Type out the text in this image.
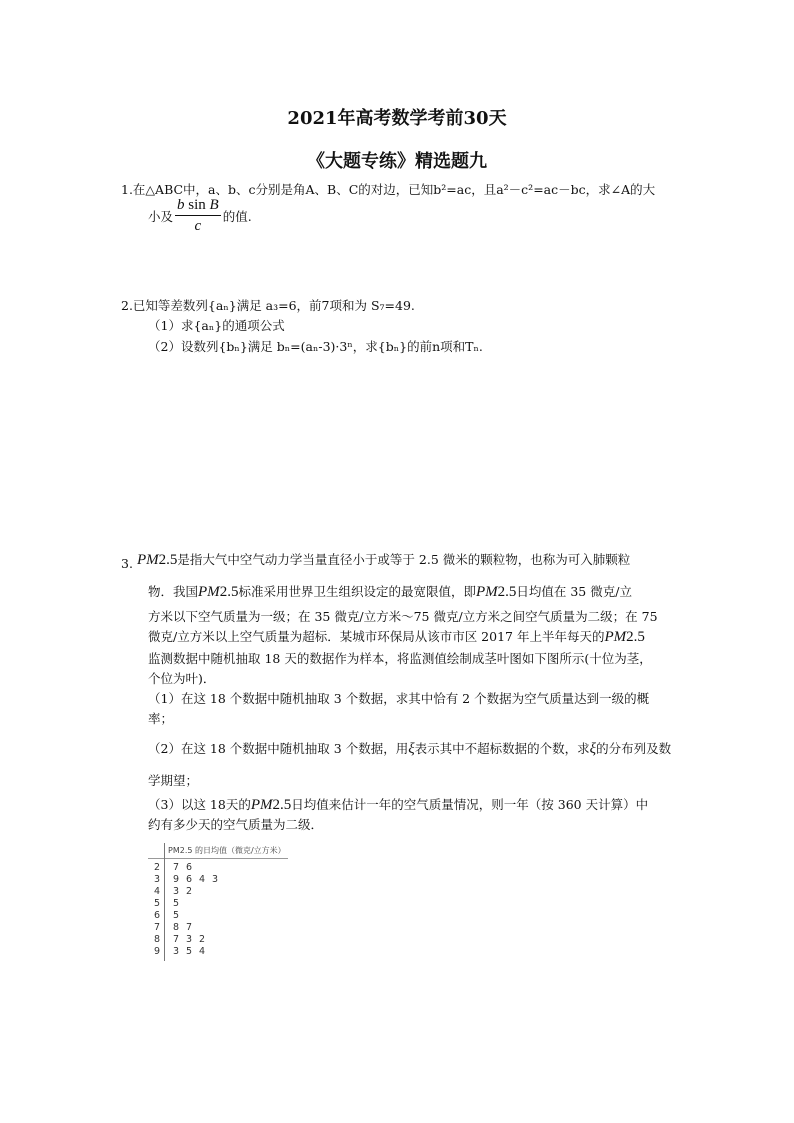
2021年高考数学考前30天
《大题专练》精选题九
1.在△ABC中，a、b、c分别是角A、B、C的对边，已知b²=ac，且a²－c²=ac－bc，求∠A的大
小及 $\frac{\text{b sin B}}{c}$ 的值.
2.已知等差数列{aₙ}满足 a₃=6，前7项和为 S₇=49.
（1）求{aₙ}的通项公式
（2）设数列{bₙ}满足 bₙ=(aₙ-3)·3ⁿ，求{bₙ}的前n项和Tₙ.
3. PM2.5是指大气中空气动力学当量直径小于或等于 2.5 微米的颗粒物，也称为可入肺颗粒
物．我国PM2.5标准采用世界卫生组织设定的最宽限值，即PM2.5日均值在 35 微克/立
方米以下空气质量为一级；在 35 微克/立方米～75 微克/立方米之间空气质量为二级；在 75
微克/立方米以上空气质量为超标．某城市环保局从该市市区 2017 年上半年每天的PM2.5
监测数据中随机抽取 18 天的数据作为样本，将监测值绘制成茎叶图如下图所示(十位为茎，
个位为叶)．
（1）在这 18 个数据中随机抽取 3 个数据，求其中恰有 2 个数据为空气质量达到一级的概
率；
（2）在这 18 个数据中随机抽取 3 个数据，用ξ表示其中不超标数据的个数，求ξ的分布列及数
学期望；
（3）以这 18天的PM2.5日均值来估计一年的空气质量情况，则一年（按 360 天计算）中
约有多少天的空气质量为二级．
PM2.5 的日均值（微克/立方米）
2 7 6
3 9 6 4 3
4 3 2
5 5
6 5
7 8 7
8 7 3 2
9 3 5 4
